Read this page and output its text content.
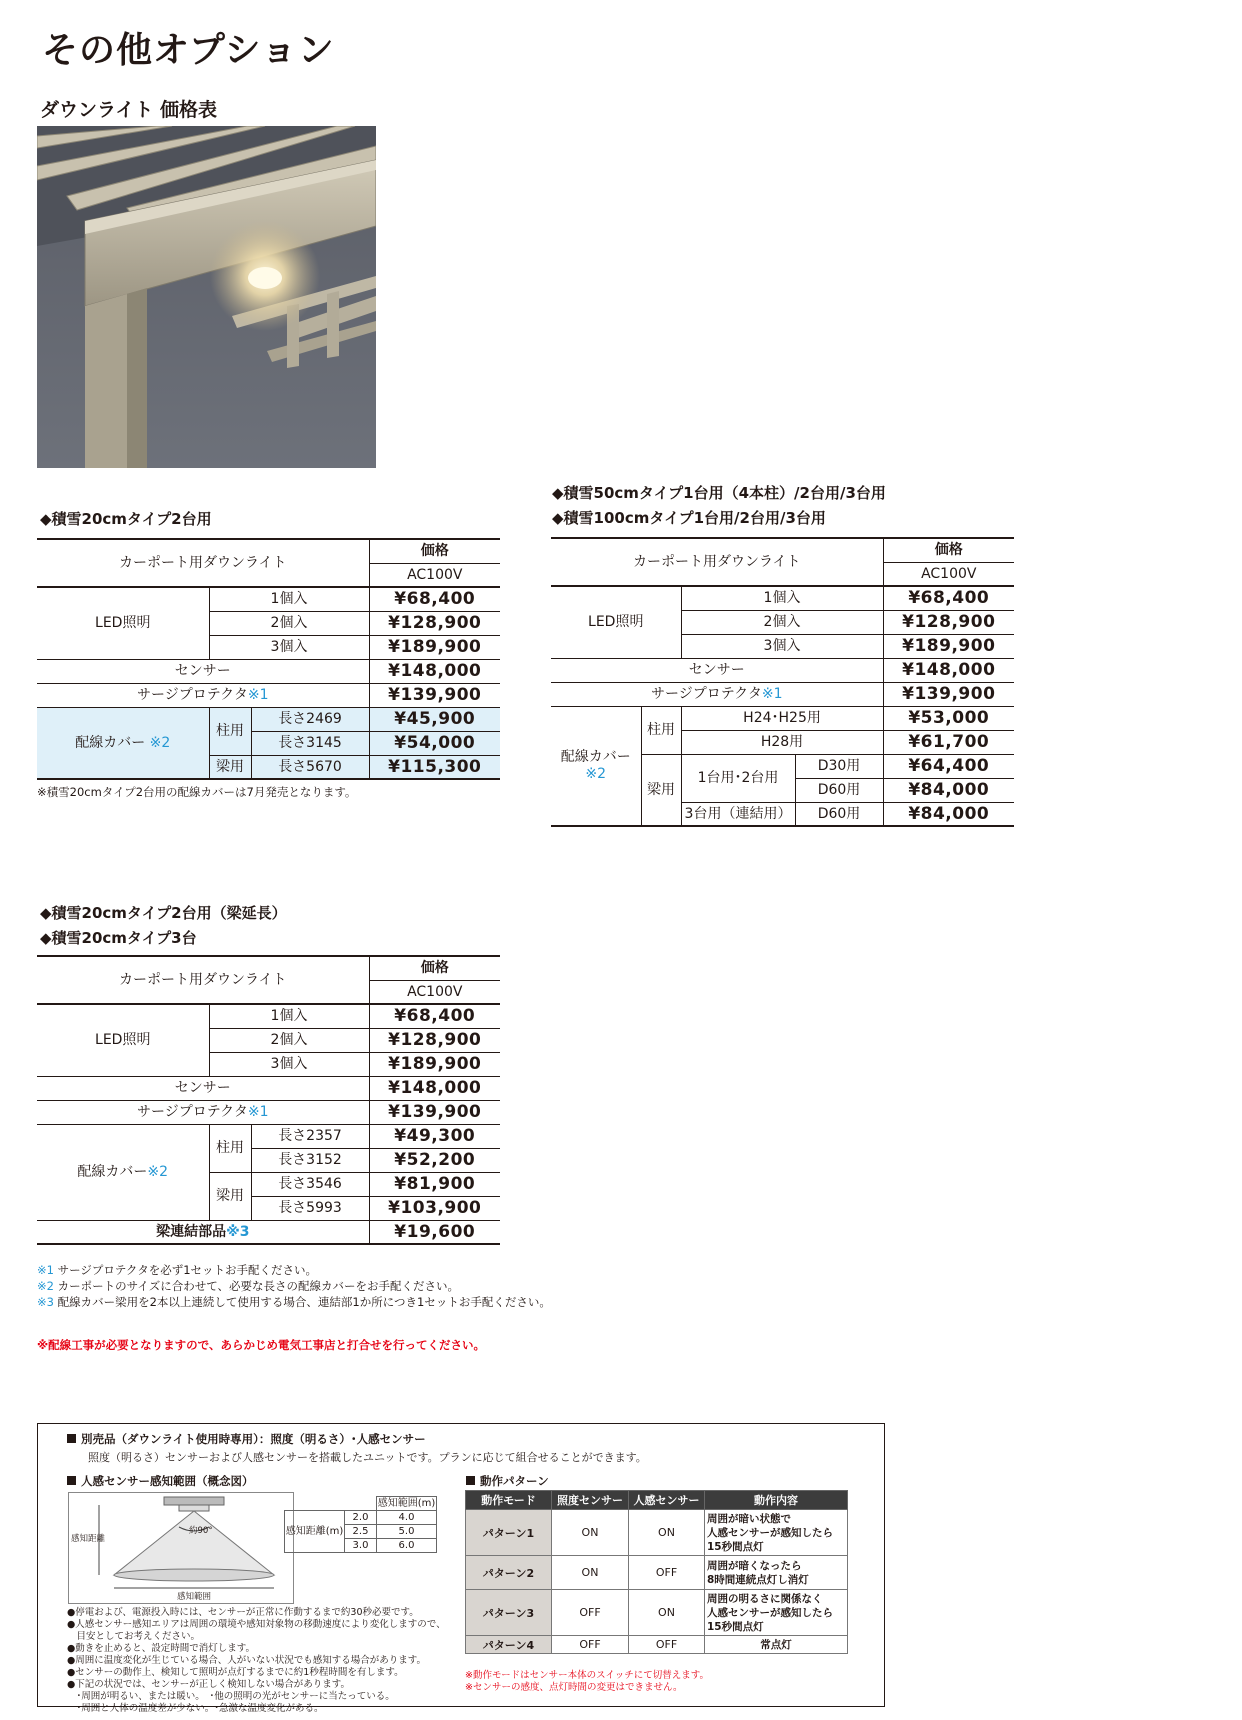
その他オプション
ダウンライト 価格表
◆積雪20cmタイプ2台用
カーポート用ダウンライト			価格
			AC100V
LED照明	1個入		¥68,400
	2個入		¥128,900
	3個入		¥189,900
センサー			¥148,000
サージプロテクタ※1			¥139,900
配線カバー ※2	柱用	長さ2469	¥45,900
		長さ3145	¥54,000
	梁用	長さ5670	¥115,300
※積雪20cmタイプ2台用の配線カバーは7月発売となります。
◆積雪50cmタイプ1台用（4本柱）/2台用/3台用
◆積雪100cmタイプ1台用/2台用/3台用
カーポート用ダウンライト				価格
				AC100V
LED照明		1個入		¥68,400
		2個入		¥128,900
		3個入		¥189,900
センサー				¥148,000
サージプロテクタ※1				¥139,900
配線カバー
※2	柱用	H24･H25用		¥53,000
		H28用		¥61,700
	梁用	1台用･2台用	D30用	¥64,400
			D60用	¥84,000
		3台用（連結用）	D60用	¥84,000
◆積雪20cmタイプ2台用（梁延長）
◆積雪20cmタイプ3台
カーポート用ダウンライト			価格
			AC100V
LED照明	1個入		¥68,400
	2個入		¥128,900
	3個入		¥189,900
センサー			¥148,000
サージプロテクタ※1			¥139,900
配線カバー※2	柱用	長さ2357	¥49,300
		長さ3152	¥52,200
	梁用	長さ3546	¥81,900
		長さ5993	¥103,900
梁連結部品※3			¥19,600
※1 サージプロテクタを必ず1セットお手配ください。
※2 カーポートのサイズに合わせて、必要な長さの配線カバーをお手配ください。
※3 配線カバー梁用を2本以上連続して使用する場合、連結部1か所につき1セットお手配ください。
※配線工事が必要となりますので、あらかじめ電気工事店と打合せを行ってください。
別売品（ダウンライト使用時専用）：照度（明るさ）･人感センサー
照度（明るさ）センサーおよび人感センサーを搭載したユニットです。プランに応じて組合せることができます。
人感センサー感知範囲（概念図）
感知距離
約90°
感知範囲
		感知範囲(m)
感知距離(m)	2.0	4.0
	2.5	5.0
	3.0	6.0
●停電および、電源投入時には、センサーが正常に作動するまで約30秒必要です。
●人感センサー感知エリアは周囲の環境や感知対象物の移動速度により変化しますので、
　目安としてお考えください。
●動きを止めると、設定時間で消灯します。
●周囲に温度変化が生じている場合、人がいない状況でも感知する場合があります。
●センサーの動作上、検知して照明が点灯するまでに約1秒程時間を有します。
●下記の状況では、センサーが正しく検知しない場合があります。
　･周囲が明るい、または暖い。　･他の照明の光がセンサーに当たっている。
　･周囲と人体の温度差が少ない。･急激な温度変化がある。
動作パターン
動作モード	照度センサー	人感センサー	動作内容
パターン1	ON	ON	周囲が暗い状態で
人感センサーが感知したら
15秒間点灯

パターン2	ON	OFF	周囲が暗くなったら
8時間連続点灯し消灯

パターン3	OFF	ON	周囲の明るさに関係なく
人感センサーが感知したら
15秒間点灯

パターン4	OFF	OFF	常点灯
※動作モードはセンサー本体のスイッチにて切替えます。
※センサーの感度、点灯時間の変更はできません。
